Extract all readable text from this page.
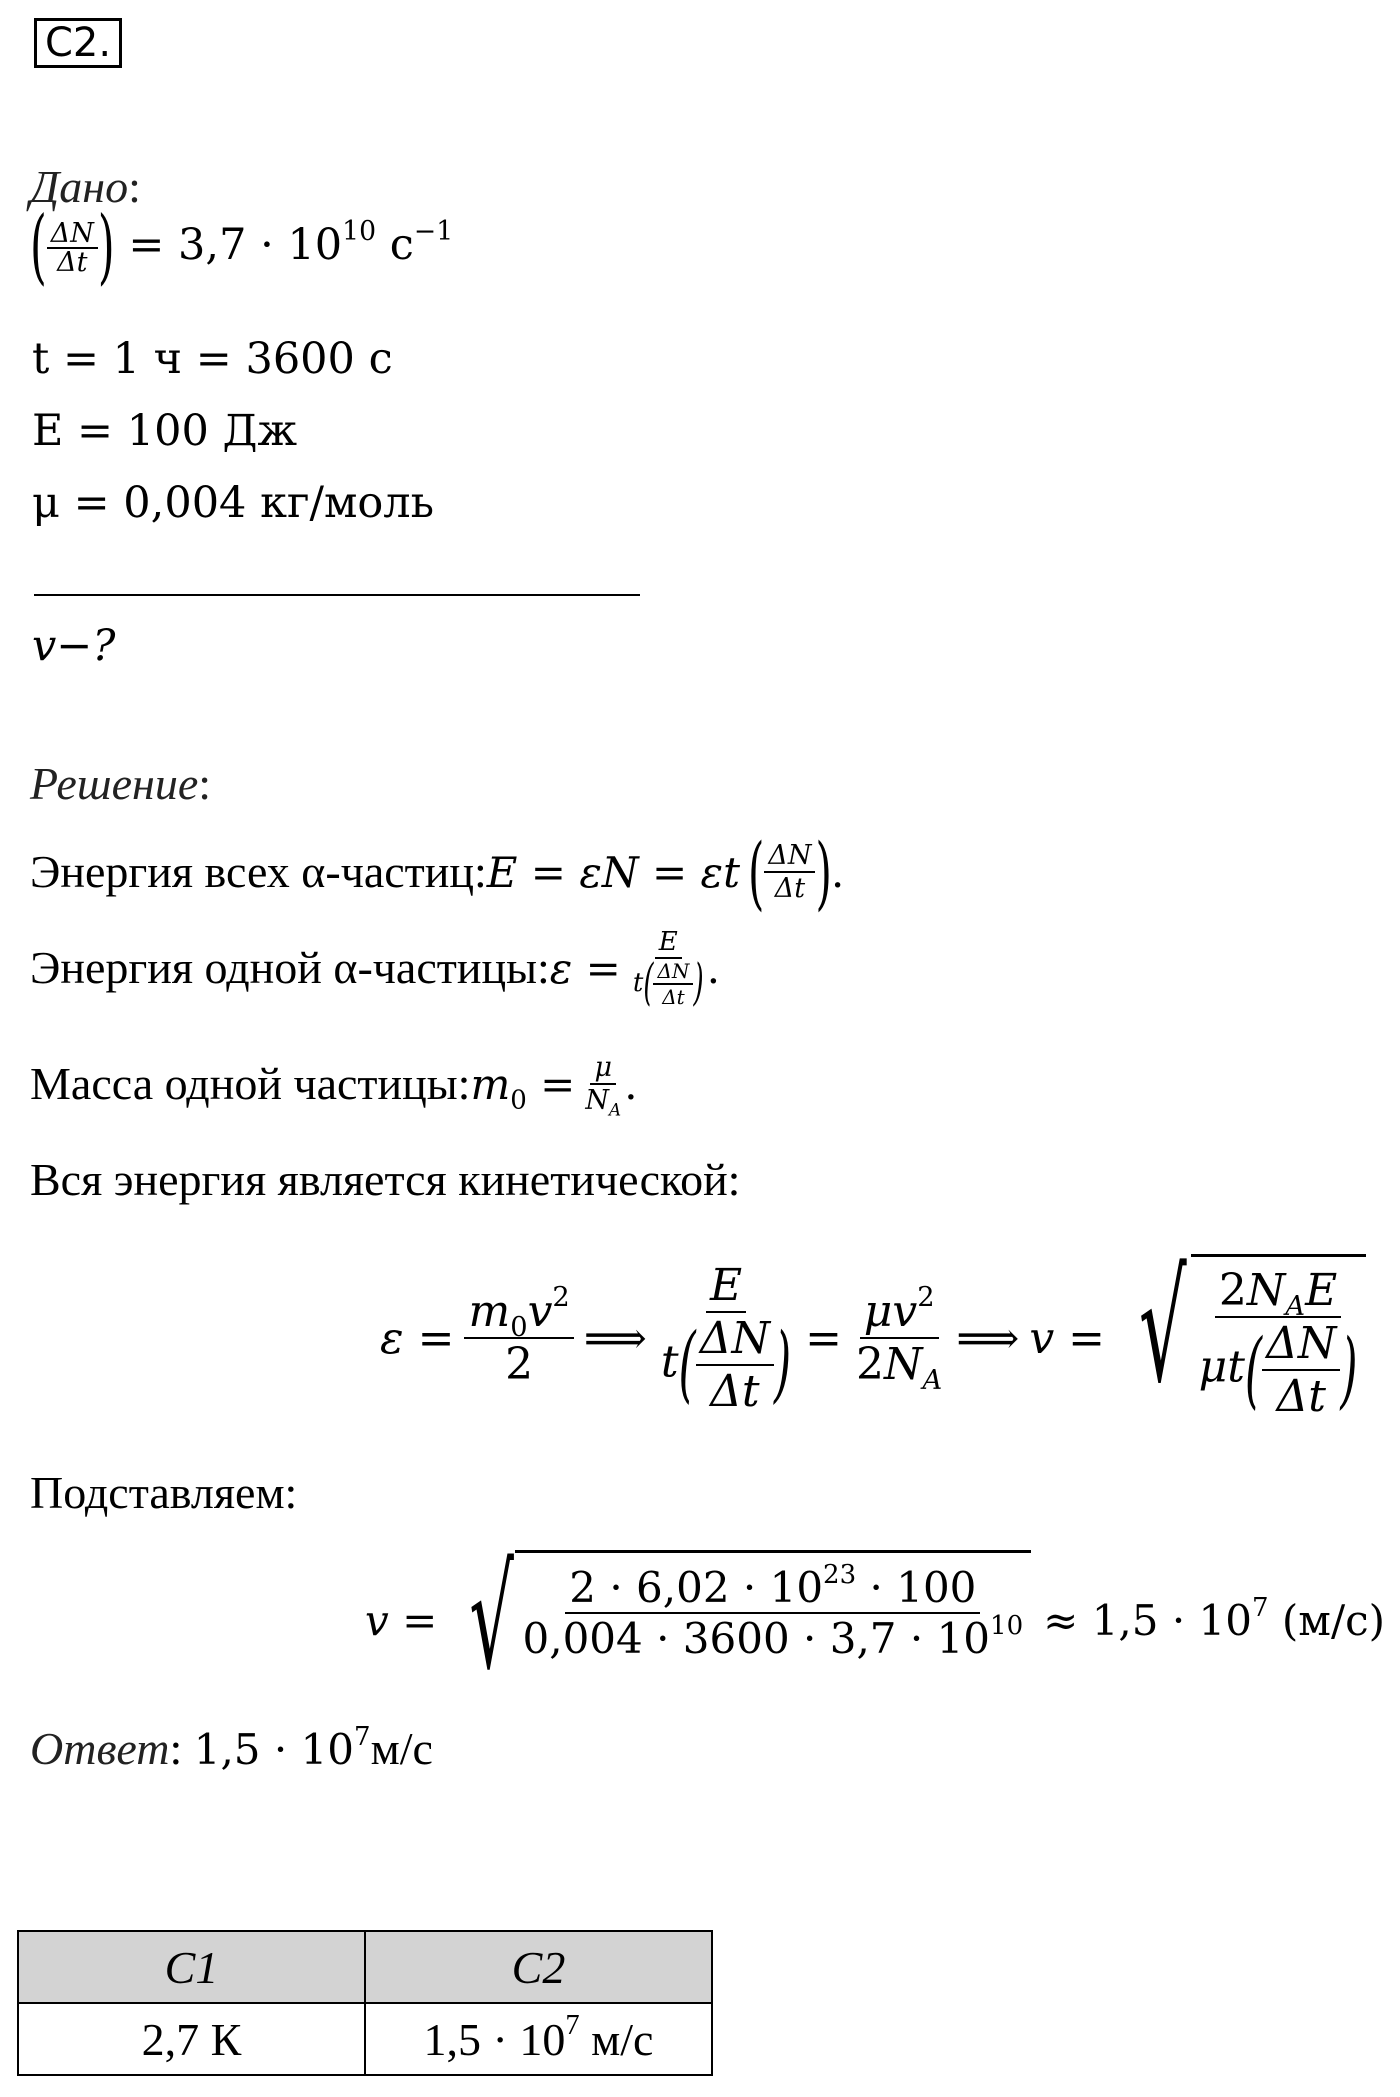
С2.
Дано:
( $\frac{\Delta N}{\Delta t}$ ) = $3,7 \cdot 10^{10}$ $с^{-1}$
t = 1 ч = 3600 с
E = 100 Дж
μ = 0,004 кг/моль
v−?
Решение:
Энергия всех α-частиц: E = εN = εt ( $\frac{\Delta N}{\Delta t}$ ) .
Энергия одной α-частицы: $\varepsilon = \frac{E}{t( \frac{\Delta N}{\Delta t} )}$ .
Масса одной частицы: $m_0 = \frac{\mu}{N_A}$ .
Вся энергия является кинетической:
$\varepsilon = \frac{m_0v^2}{2}$ ⟹ $\frac{E}{t( \frac{\Delta N}{\Delta t} )} = \frac{\mu v^2}{2N_A}$ ⟹ v = √ $\frac{2N_AE}{\mu t( \frac{\Delta N}{\Delta t} )}$
Подставляем:
v = √ $\frac{2 \cdot 6,02 \cdot 10^{23} \cdot 100}{0,004 \cdot 3600 \cdot 3,7 \cdot 10^{10}} \approx 1,5 \cdot 10^7$ (м/с)
Ответ : $1,5 \cdot 10^7$ м/с
С1	С2
2,7 К	$1,5 \cdot 10^7$ м/с
